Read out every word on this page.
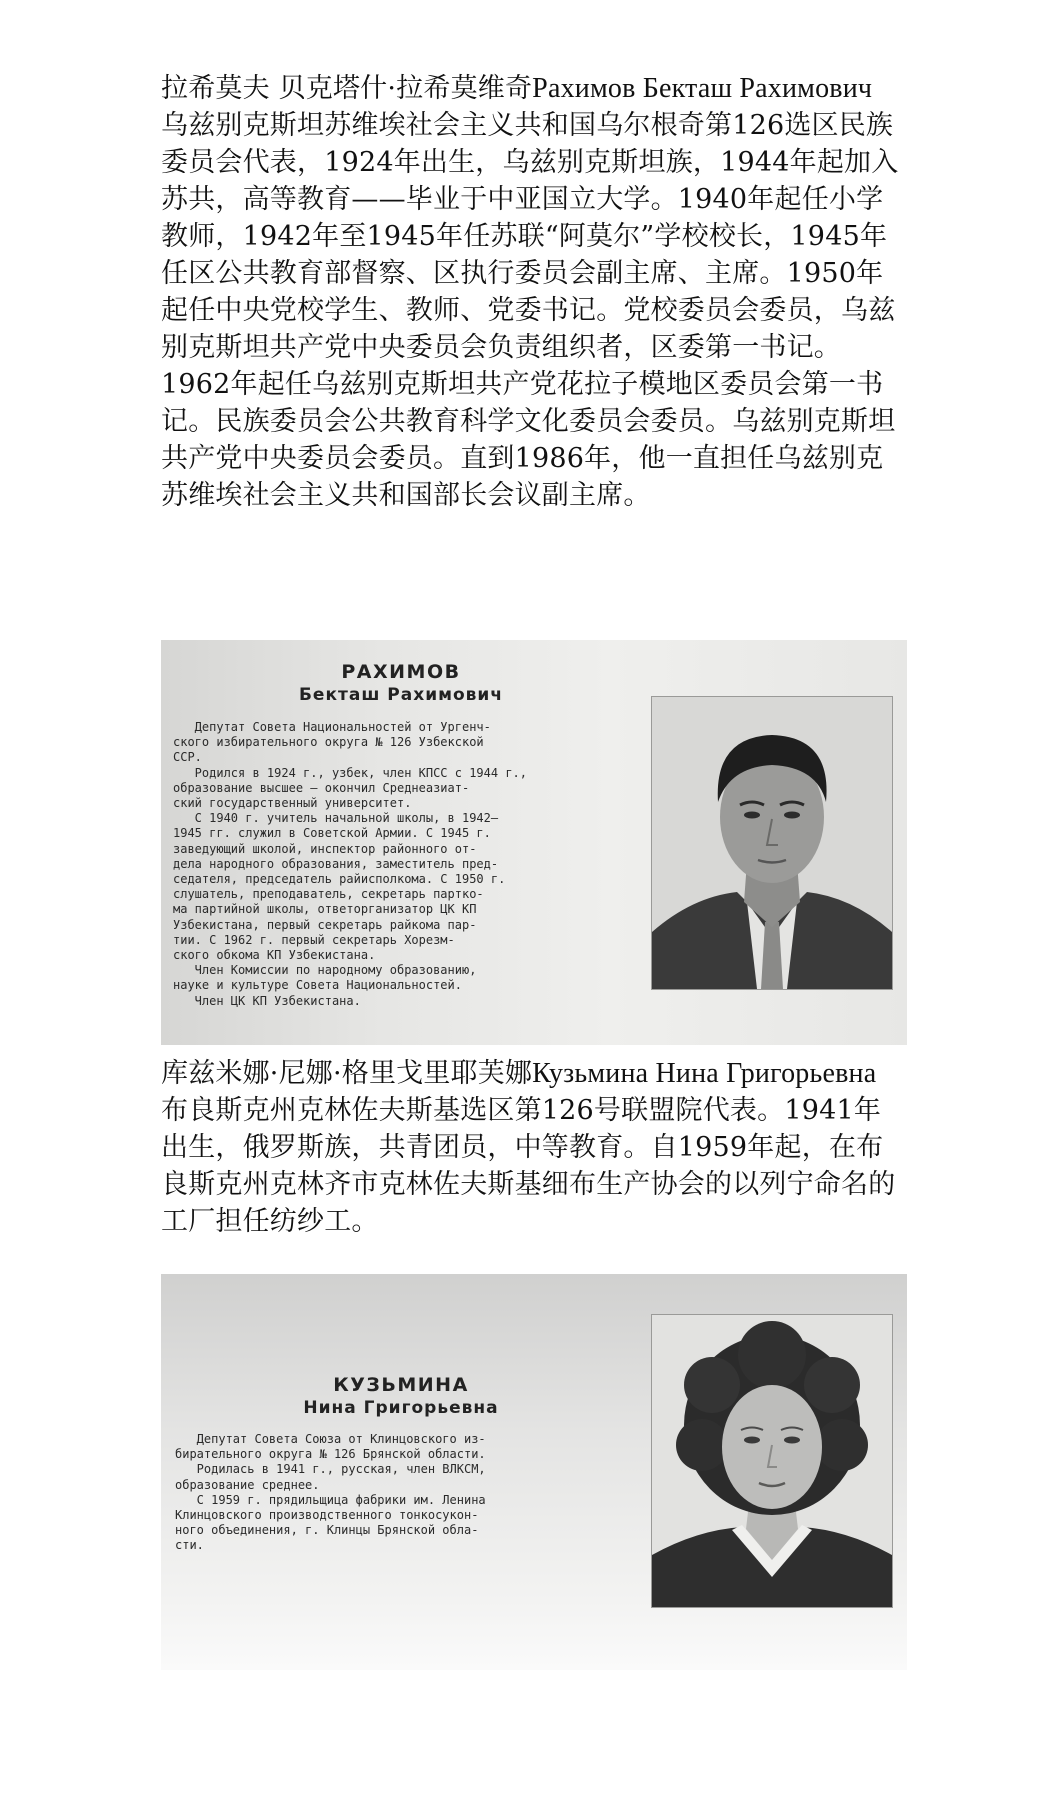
拉希莫夫 贝克塔什·拉希莫维奇Рахимов Бекташ Рахимович

乌兹别克斯坦苏维埃社会主义共和国乌尔根奇第126选区民族委员会代表，1924年出生，乌兹别克斯坦族，1944年起加入苏共，高等教育——毕业于中亚国立大学。1940年起任小学教师，1942年至1945年任苏联“阿莫尔”学校校长，1945年任区公共教育部督察、区执行委员会副主席、主席。1950年起任中央党校学生、教师、党委书记。党校委员会委员，乌兹别克斯坦共产党中央委员会负责组织者，区委第一书记。1962年起任乌兹别克斯坦共产党花拉子模地区委员会第一书记。民族委员会公共教育科学文化委员会委员。乌兹别克斯坦共产党中央委员会委员。直到1986年，他一直担任乌兹别克苏维埃社会主义共和国部长会议副主席。

РАХИМОВ
Бекташ Рахимович
Депутат Совета Национальностей от Ургенч-
ского избирательного округа № 126 Узбекской
ССР.
Родился в 1924 г., узбек, член КПСС с 1944 г.,
образование высшее — окончил Среднеазиат-
ский государственный университет.
С 1940 г. учитель начальной школы, в 1942—
1945 гг. служил в Советской Армии. С 1945 г.
заведующий школой, инспектор районного от-
дела народного образования, заместитель пред-
седателя, председатель райисполкома. С 1950 г.
слушатель, преподаватель, секретарь партко-
ма партийной школы, ответорганизатор ЦК КП
Узбекистана, первый секретарь райкома пар-
тии. С 1962 г. первый секретарь Хорезм-
ского обкома КП Узбекистана.
Член Комиссии по народному образованию,
науке и культуре Совета Национальностей.
Член ЦК КП Узбекистана.
库兹米娜·尼娜·格里戈里耶芙娜Кузьмина Нина Григорьевна

布良斯克州克林佐夫斯基选区第126号联盟院代表。1941年出生，俄罗斯族，共青团员，中等教育。自1959年起，在布良斯克州克林齐市克林佐夫斯基细布生产协会的以列宁命名的工厂担任纺纱工。

КУЗЬМИНА
Нина Григорьевна
Депутат Совета Союза от Клинцовского из-
бирательного округа № 126 Брянской области.
Родилась в 1941 г., русская, член ВЛКСМ,
образование среднее.
С 1959 г. прядильщица фабрики им. Ленина
Клинцовского производственного тонкосукон-
ного объединения, г. Клинцы Брянской обла-
сти.
